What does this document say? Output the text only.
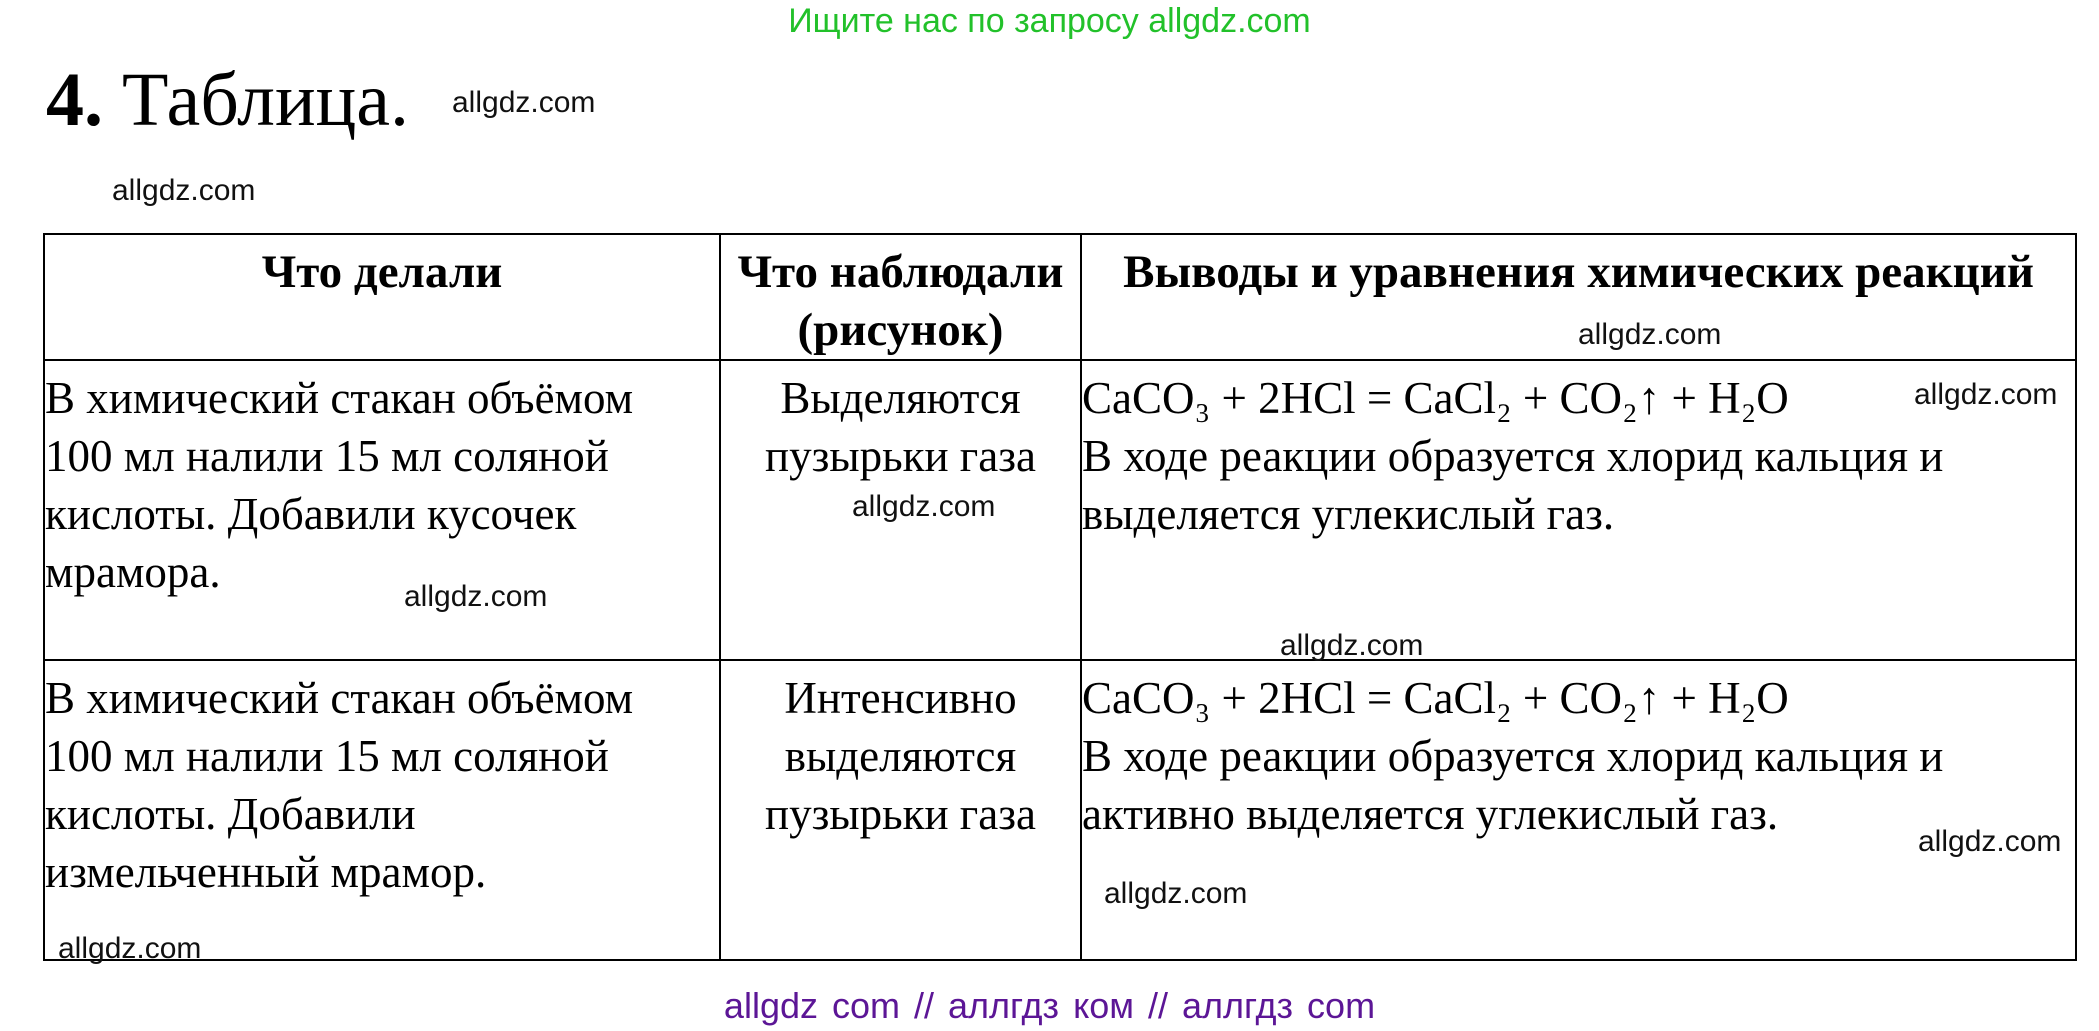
Ищите нас по запросу allgdz.com
4. Таблица. allgdz.com
allgdz.com
Что делали	Что наблюдали (рисунок)	Выводы и уравнения химических реакций

В химический стакан объёмом
100 мл налили 15 мл соляной
кислоты. Добавили кусочек
мрамора.	Выделяются
пузырьки газа	CaCO₃ + 2HCl = CaCl₂ + CO₂↑ + H₂O
В ходе реакции образуется хлорид кальция и
выделяется углекислый газ.

В химический стакан объёмом
100 мл налили 15 мл соляной
кислоты. Добавили
измельченный мрамор.	Интенсивно
выделяются
пузырьки газа	CaCO₃ + 2HCl = CaCl₂ + CO₂↑ + H₂O
В ходе реакции образуется хлорид кальция и
активно выделяется углекислый газ.
allgdz.com
allgdz.com
allgdz.com
allgdz.com
allgdz.com
allgdz.com
allgdz.com
allgdz.com
allgdz com // аллгдз ком // аллгдз com
